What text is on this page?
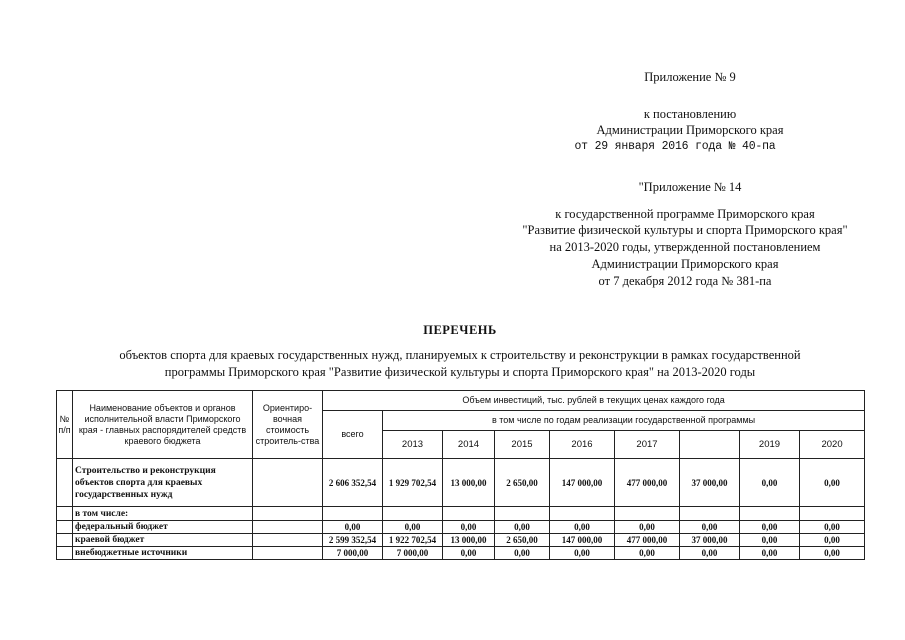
Приложение № 9
к постановлению
Администрации Приморского края
от 29 января 2016 года № 40-па
"Приложение № 14
к государственной программе Приморского края
"Развитие физической культуры и спорта Приморского края"
на 2013-2020 годы, утвержденной постановлением
Администрации Приморского края
от 7 декабря 2012 года № 381-па
ПЕРЕЧЕНЬ
объектов спорта для краевых государственных нужд, планируемых к строительству и реконструкции в рамках государственной
программы Приморского края "Развитие физической культуры и спорта Приморского края" на 2013-2020 годы
№ п/п	Наименование объектов и органов исполнительной власти Приморского края - главных распорядителей средств краевого бюджета	Ориентиро-вочная стоимость строитель-ства	Объем инвестиций, тыс. рублей в текущих ценах каждого года								
			всего	в том числе по годам реализации государственной программы							
				2013	2014	2015	2016	2017		2019	2020
	Строительство и реконструкция объектов спорта для краевых государственных нужд		2 606 352,54	1 929 702,54	13 000,00	2 650,00	147 000,00	477 000,00	37 000,00	0,00	0,00
	в том числе:										
	федеральный бюджет		0,00	0,00	0,00	0,00	0,00	0,00	0,00	0,00	0,00
	краевой бюджет		2 599 352,54	1 922 702,54	13 000,00	2 650,00	147 000,00	477 000,00	37 000,00	0,00	0,00
	внебюджетные источники		7 000,00	7 000,00	0,00	0,00	0,00	0,00	0,00	0,00	0,00
